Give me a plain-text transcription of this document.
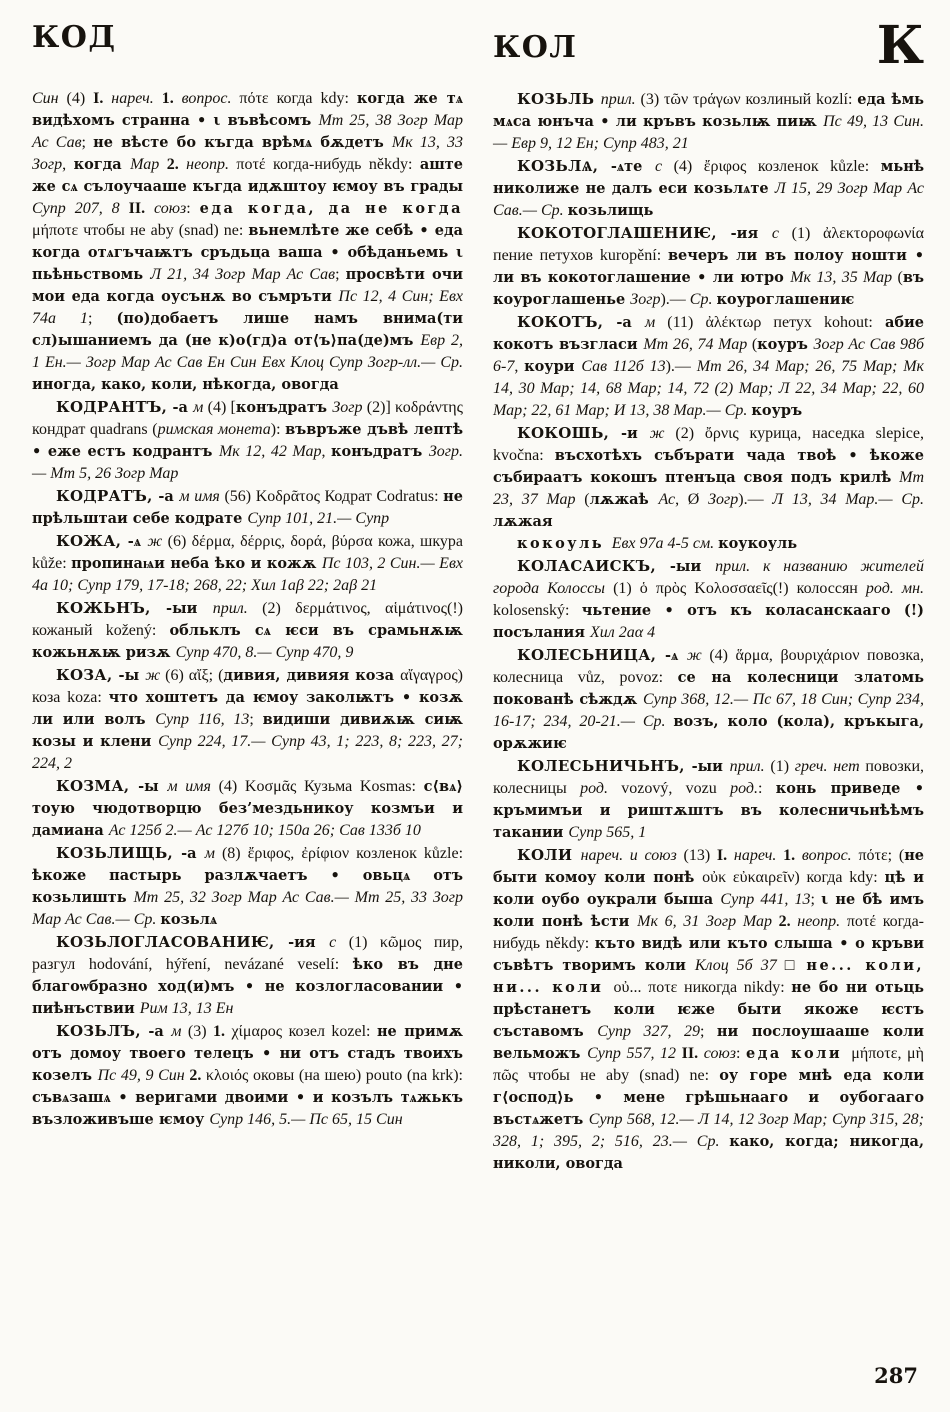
КОД	КОЛ	К

Син (4) I. нареч. 1. вопрос. πότε когда kdy: когда же тѧ видѣхомъ странна • ι въвѣсомъ Мт 25, 38 Зогр Мар Ас Сав; не вѣсте бо къгда врѣмѧ бѫдетъ Мк 13, 33 Зогр, когда Мар 2. неопр. ποτέ когда-нибудь někdy: аште же сѧ сълоучааше къгда идѫштоу ѥмоу въ грады Супр 207, 8 II. союз: еда когда, да не когда μήποτε чтобы не aby (snad) ne: вьнемлѣте же себѣ • еда когда отѧгъчаѭтъ сръдьца ваша • обѣданьемь ι пьѣньствомь Л 21, 34 Зогр Мар Ас Сав; просвѣти очи мои еда когда оусънѫ во съмръти Пс 12, 4 Син; Евх 74а 1; (по)добаетъ лише намъ внима(ти сл)ышаниемъ да (не к)о(гд)а от⟨ъ⟩па(де)мъ Евр 2, 1 Ен.— Зогр Мар Ас Сав Ен Син Евх Клоц Супр Зогр-лл.— Ср. иногда, како, коли, нѣкогда, овогда

КОДРАНТЪ, -а м (4) [конъдратъ Зогр (2)] κοδράντης кондрат quadrans (римская монета): въвръже дъвѣ лептѣ • еже естъ кодрантъ Мк 12, 42 Мар, конъдратъ Зогр.— Мт 5, 26 Зогр Мар

КОДРАТЪ, -а м имя (56) Κοδρᾶτος Кодрат Codratus: не прѣльштаи себе кодрате Супр 101, 21.— Супр

КОЖА, -ѧ ж (6) δέρμα, δέρρις, δορά, βύρσα кожа, шкура kůže: пропинаѩи неба ѣко и кожѫ Пс 103, 2 Син.— Евх 4а 10; Супр 179, 17-18; 268, 22; Хил 1аβ 22; 2аβ 21

КОЖЬНЪ, -ыи прил. (2) δερμάτινος, αἱμάτινος(!) кожаный kožený: обльклъ сѧ ѥси въ срамьнѫѭ кожьнѫѭ ризѫ Супр 470, 8.— Супр 470, 9

КОЗА, -ы ж (6) αἴξ; (дивия, дивияя коза αἴγαγρος) коза koza: что хоштетъ да ѥмоу заколѭтъ • козѫ ли или волъ Супр 116, 13; видиши дивиѫѭ сиѭ козы и клени Супр 224, 17.— Супр 43, 1; 223, 8; 223, 27; 224, 2

КОЗМА, -ы м имя (4) Κοσμᾶς Кузьма Kosmas: с⟨вѧ⟩тоую чюдотворцю без’мездьникоу козмъи и дамиана Ас 125б 2.— Ас 127б 10; 150а 26; Сав 133б 10

КОЗЬЛИЩЬ, -а м (8) ἔριφος, ἐρίφιον козленок kůzle: ѣкоже пастырь разлѫчаетъ • овьцѧ отъ козьлишть Мт 25, 32 Зогр Мар Ас Сав.— Мт 25, 33 Зогр Мар Ас Сав.— Ср. козьлѧ

КОЗЬЛОГЛАСОВАНИѤ, -ия с (1) κῶμος пир, разгул hodování, hýření, nevázané veselí: ѣко въ дне благоѡбразно ход(и)мъ • не козлогласовании • пиѣнъствии Рим 13, 13 Ен

КОЗЬЛЪ, -а м (3) 1. χίμαρος козел kozel: не примѫ отъ домоу твоего телецъ • ни отъ стадъ твоихъ козелъ Пс 49, 9 Син 2. κλοιός оковы (на шею) pouto (na krk): съвѧзашѧ • веригами двоими • и козълъ тѧжькъ възложивъше ѥмоу Супр 146, 5.— Пс 65, 15 Син

КОЗЬЛЬ прил. (3) τῶν τράγων козлиный kozlí: еда ѣмь мѧса юнъча • ли кръвъ козьлѭ пиѭ Пс 49, 13 Син.— Евр 9, 12 Ен; Супр 483, 21

КОЗЬЛѦ, -ѧте с (4) ἔριφος козленок kůzle: мьнѣ николиже не далъ еси козьлѧте Л 15, 29 Зогр Мар Ас Сав.— Ср. козьлищь

КОКОТОГЛАШЕНИѤ, -ия с (1) ἀλεκτοροφωνία пение петухов kuropění: вечеръ ли въ полоу ношти • ли въ кокотоглашение • ли ютро Мк 13, 35 Мар (въ коуроглашенье Зогр).— Ср. коуроглашениѥ

КОКОТЪ, -а м (11) ἀλέκτωρ петух kohout: абие кокотъ възгласи Мт 26, 74 Мар (коуръ Зогр Ас Сав 98б 6-7, коури Сав 112б 13).— Мт 26, 34 Мар; 26, 75 Мар; Мк 14, 30 Мар; 14, 68 Мар; 14, 72 (2) Мар; Л 22, 34 Мар; 22, 60 Мар; 22, 61 Мар; И 13, 38 Мар.— Ср. коуръ

КОКОШЬ, -и ж (2) ὄρνις курица, наседка slepice, kvočna: въсхотѣхъ събърати чада твоѣ • ѣкоже събираатъ кокошъ птенъца своя подъ крилѣ Мт 23, 37 Мар (лѫжаѣ Ас, Ø Зогр).— Л 13, 34 Мар.— Ср. лѫжая

кокоуль Евх 97а 4-5 см. коукоуль

КОЛАСАИСКЪ, -ыи прил. к названию жителей города Колоссы (1) ὁ πρὸς Κολοσσαεῖς(!) колоссян род. мн. kolosenský: чьтение • отъ къ коласанскааго (!) посълания Хил 2аα 4

КОЛЕСЬНИЦА, -ѧ ж (4) ἅρμα, βουριχάριον повозка, колесница vůz, povoz: се на колесници златомь покованѣ сѣждѫ Супр 368, 12.— Пс 67, 18 Син; Супр 234, 16-17; 234, 20-21.— Ср. возъ, коло (кола), кръкыга, орѫжиѥ

КОЛЕСЬНИЧЬНЪ, -ыи прил. (1) греч. нет повозки, колесницы род. vozový, vozu род.: конь приведе • кръмимъи и риштѫштъ въ колесничьнѣѣмъ такании Супр 565, 1

КОЛИ нареч. и союз (13) I. нареч. 1. вопрос. πότε; (не быти комоу коли понѣ οὐκ εὐκαιρεῖν) когда kdy: цѣ и коли оубо оукрали быша Супр 441, 13; ι не бѣ имъ коли понѣ ѣсти Мк 6, 31 Зогр Мар 2. неопр. ποτέ когда-нибудь někdy: къто видѣ или къто слыша • о кръви съвѣтъ творимъ коли Клоц 5б 37 □ не... коли, ни... коли οὐ... ποτε никогда nikdy: не бо ни отьць прѣстанетъ коли ѥже быти якоже ѥстъ съставомъ Супр 327, 29; ни послоушааше коли вельможъ Супр 557, 12 II. союз: еда коли μήποτε, μὴ πῶς чтобы не aby (snad) ne: оу горе мнѣ еда коли г⟨оспод⟩ь • мене грѣшьнааго и оубогааго въстѧжетъ Супр 568, 12.— Л 14, 12 Зогр Мар; Супр 315, 28; 328, 1; 395, 2; 516, 23.— Ср. како, когда; никогда, николи, овогда

287
